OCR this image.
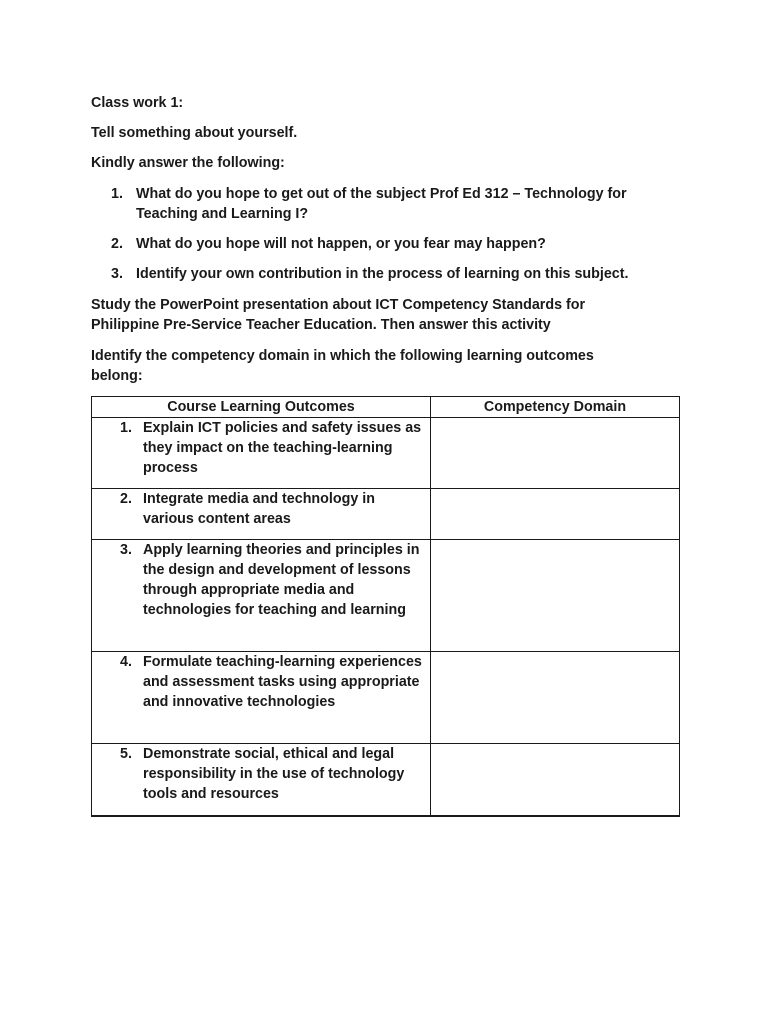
Class work 1:
Tell something about yourself.
Kindly answer the following:
1. What do you hope to get out of the subject Prof Ed 312 – Technology for
Teaching and Learning I?
2. What do you hope will not happen, or you fear may happen?
3. Identify your own contribution in the process of learning on this subject.
Study the PowerPoint presentation about ICT Competency Standards for
Philippine Pre-Service Teacher Education. Then answer this activity
Identify the competency domain in which the following learning outcomes
belong:
Course Learning Outcomes	Competency Domain

1. Explain ICT policies and safety issues as they impact on the teaching-learning process	

2. Integrate media and technology in various content areas	

3. Apply learning theories and principles in the design and development of lessons through appropriate media and technologies for teaching and learning	

4. Formulate teaching-learning experiences and assessment tasks using appropriate and innovative technologies	

5. Demonstrate social, ethical and legal responsibility in the use of technology tools and resources	
